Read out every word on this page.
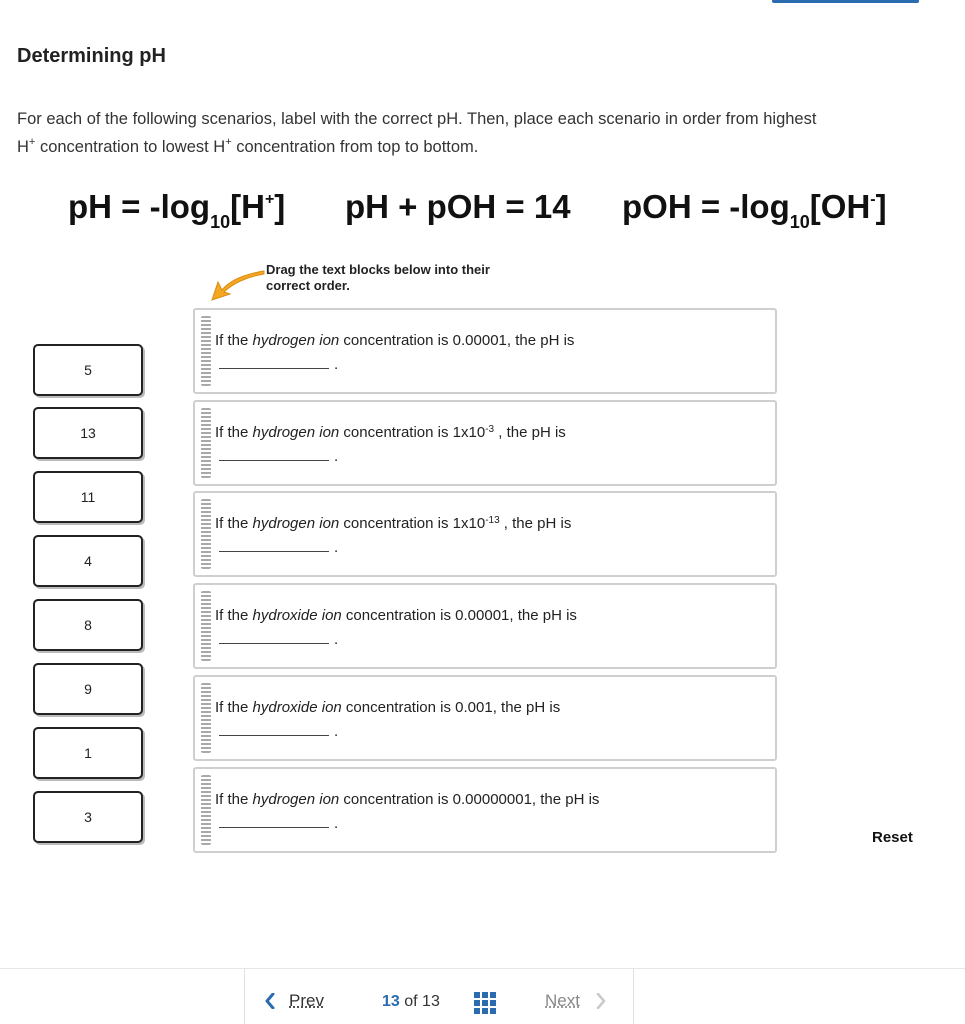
Determining pH
For each of the following scenarios, label with the correct pH. Then, place each scenario in order from highest
H+ concentration to lowest H+ concentration from top to bottom.
pH = $-\log_{10}[H^+]$ pH + pOH = 14 pOH = $-\log_{10}[OH^-]$
Drag the text blocks below into their
correct order.
5
13
11
4
8
9
1
3
If the hydrogen ion concentration is 0.00001, the pH is
.
If the hydrogen ion concentration is $1x10^{-3}$ , the pH is
.
If the hydrogen ion concentration is $1x10^{-13}$ , the pH is
.
If the hydroxide ion concentration is 0.00001, the pH is
.
If the hydroxide ion concentration is 0.001, the pH is
.
If the hydrogen ion concentration is 0.00000001, the pH is
.
Reset
Prev	13 of 13	Next
